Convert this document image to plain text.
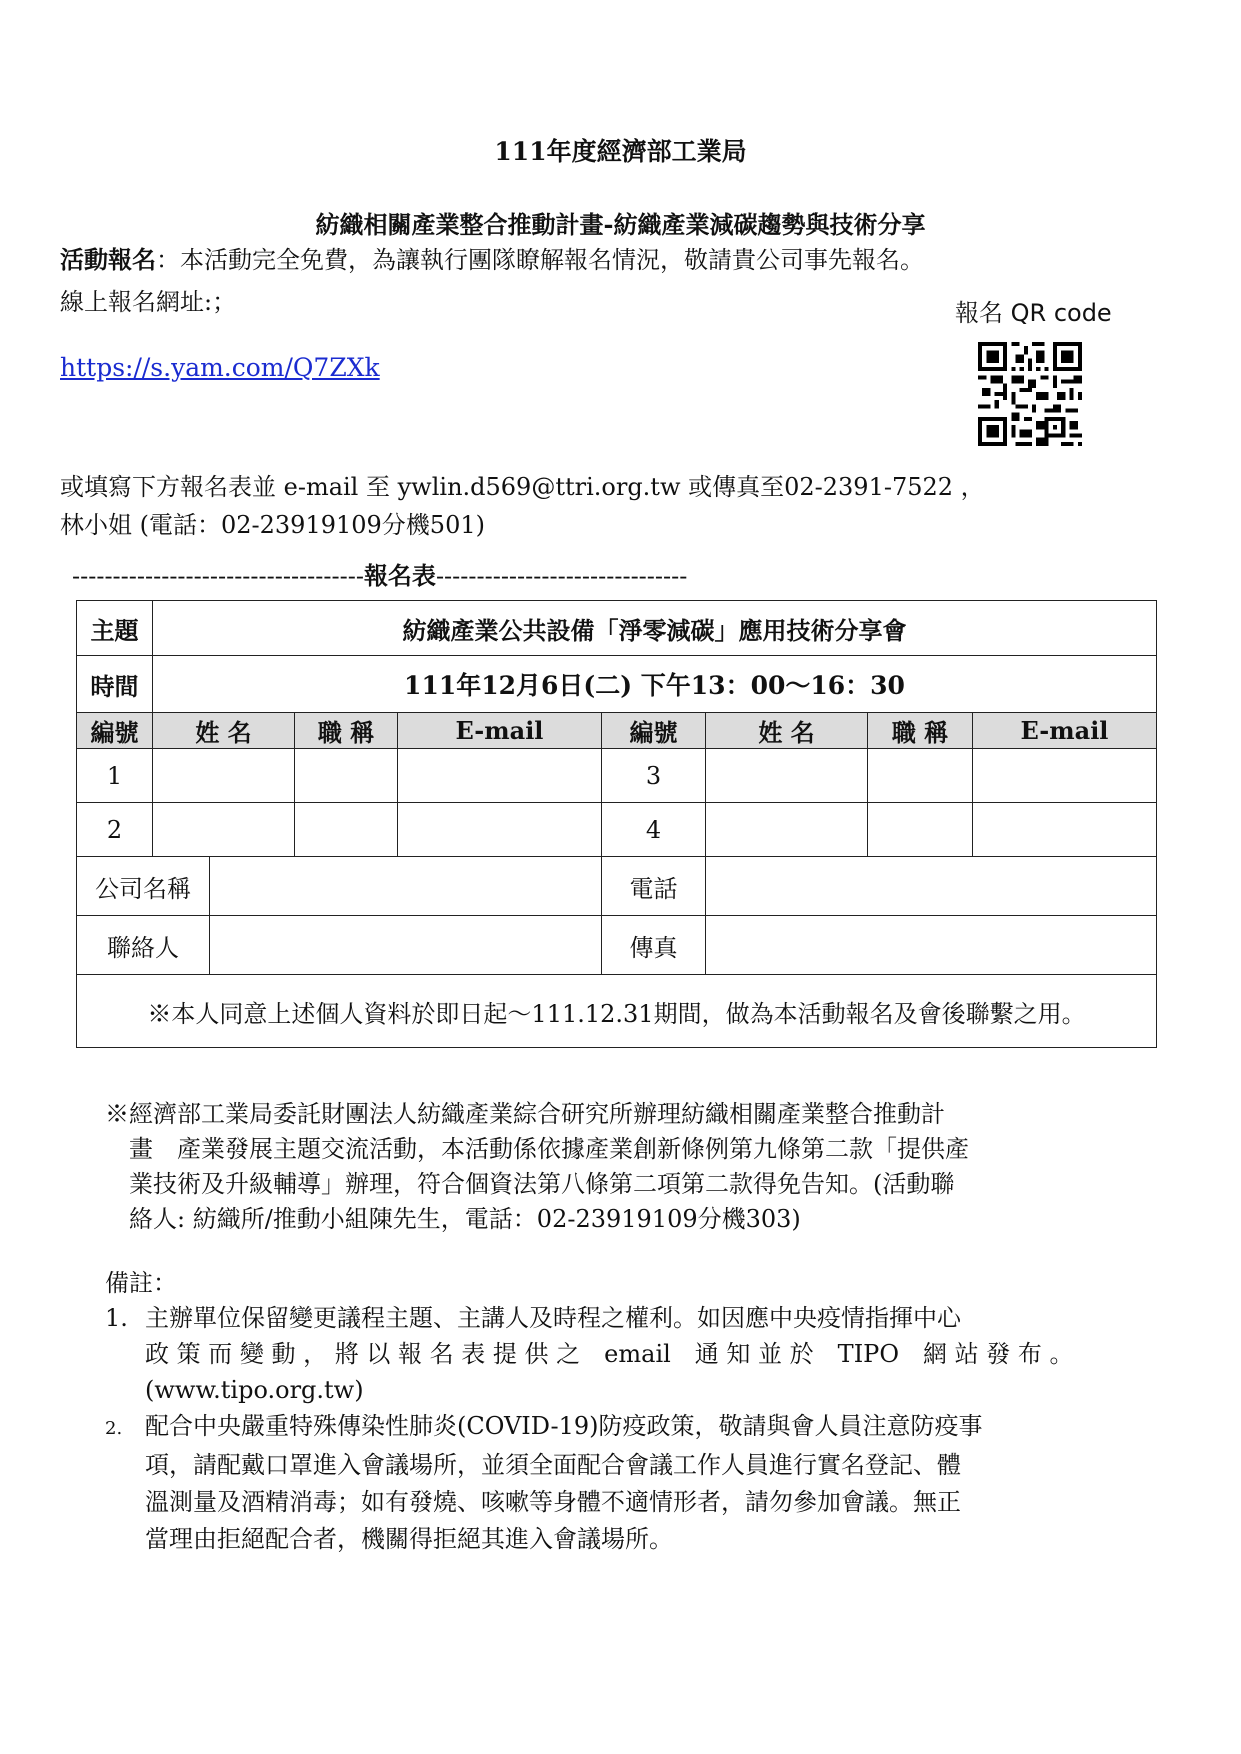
111年度經濟部工業局
紡織相關產業整合推動計畫-紡織產業減碳趨勢與技術分享
活動報名：本活動完全免費，為讓執行團隊瞭解報名情況，敬請貴公司事先報名。
線上報名網址:；	報名 QR code
https://s.yam.com/Q7ZXk
或填寫下方報名表並 e-mail 至 ywlin.d569@ttri.org.tw 或傳真至02-2391-7522 ，
林小姐 (電話：02-23919109分機501)
------------------------------------報名表-------------------------------
主題	紡織產業公共設備「淨零減碳」應用技術分享會							
時間	111年12月6日(二) 下午13：00～16：30							
編號	姓 名		職 稱	E-mail	編號	姓 名	職 稱	E-mail
1					3			
2					4			
公司名稱					電話			
聯絡人					傳真			
※本人同意上述個人資料於即日起～111.12.31期間，做為本活動報名及會後聯繫之用。								
※經濟部工業局委託財團法人紡織產業綜合研究所辦理紡織相關產業整合推動計
　畫　產業發展主題交流活動，本活動係依據產業創新條例第九條第二款「提供產
　業技術及升級輔導」辦理，符合個資法第八條第二項第二款得免告知。(活動聯
　絡人: 紡織所/推動小組陳先生，電話：02-23919109分機303)
備註：
1. 主辦單位保留變更議程主題、主講人及時程之權利。如因應中央疫情指揮中心
政 策 而 變 動 ， 將 以 報 名 表 提 供 之　email　通 知 並 於　TIPO　網 站 發 布 。
(www.tipo.org.tw)
2. 配合中央嚴重特殊傳染性肺炎(COVID-19)防疫政策，敬請與會人員注意防疫事
項，請配戴口罩進入會議場所，並須全面配合會議工作人員進行實名登記、體
溫測量及酒精消毒；如有發燒、咳嗽等身體不適情形者，請勿參加會議。無正
當理由拒絕配合者，機關得拒絕其進入會議場所。
